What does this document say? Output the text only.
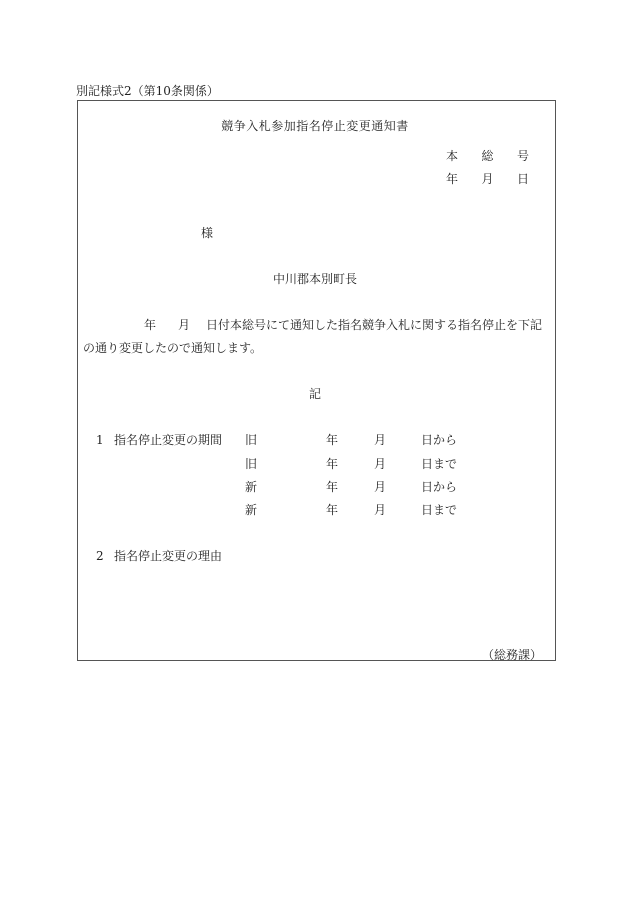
別記様式2（第10条関係）
競争入札参加指名停止変更通知書
本 総 号
年 月 日
様
中川郡本別町長
年 月 日付本総号にて通知した指名競争入札に関する指名停止を下記
の通り変更したので通知します。
記
1 指名停止変更の期間 旧	年	月	日から
旧	年	月	日まで
新	年	月	日から
新	年	月	日まで
2 指名停止変更の理由
（総務課）
